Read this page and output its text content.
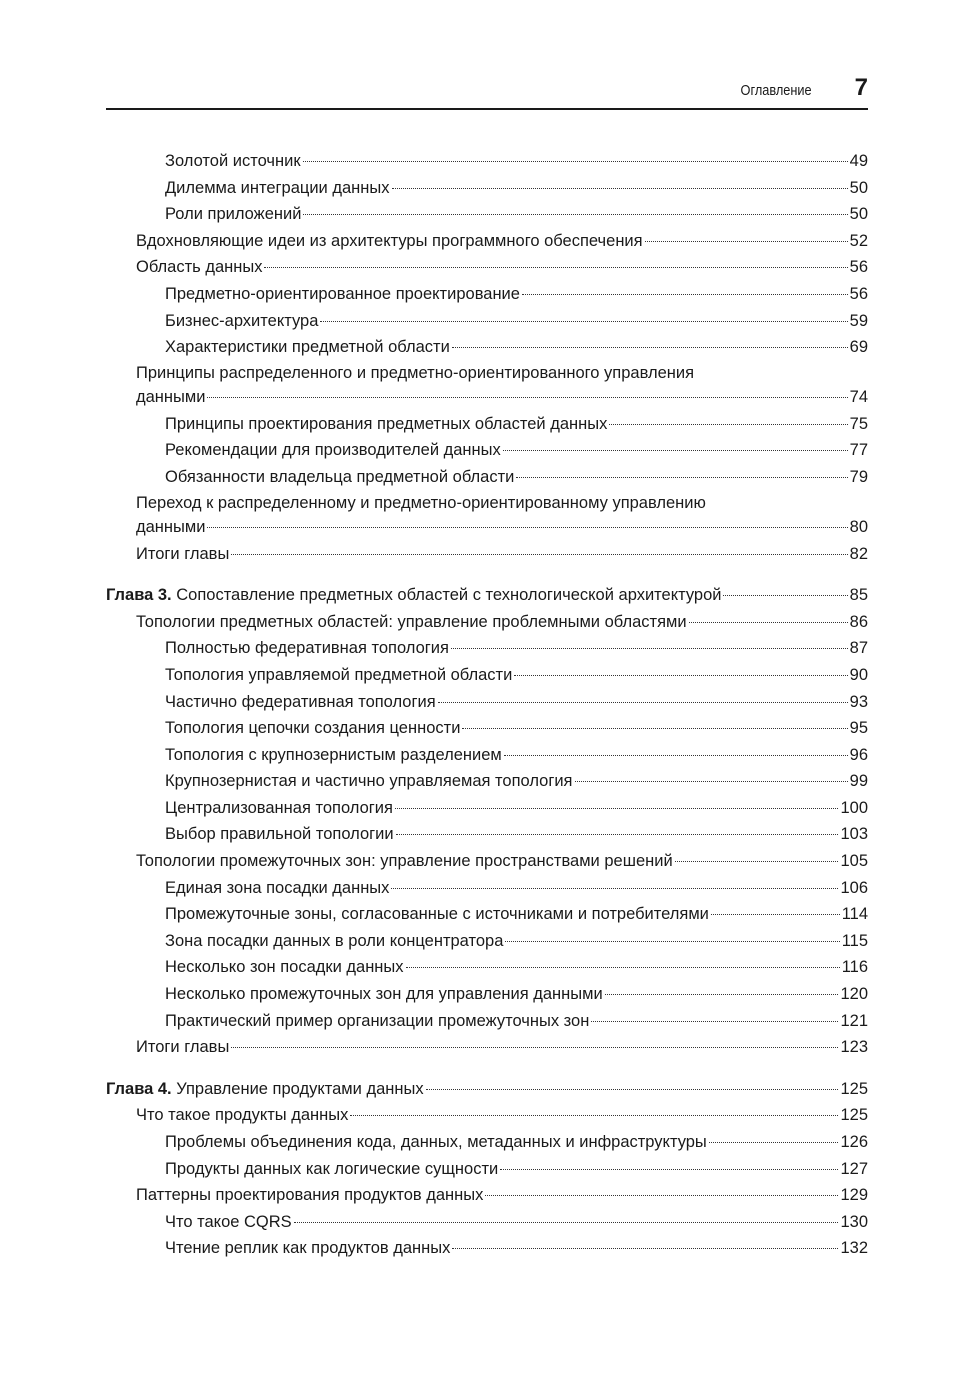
Оглавление 7
Золотой источник	49
Дилемма интеграции данных	50
Роли приложений	50
Вдохновляющие идеи из архитектуры программного обеспечения	52
Область данных	56
Предметно-ориентированное проектирование	56
Бизнес-архитектура	59
Характеристики предметной области	69
Принципы распределенного и предметно-ориентированного управления
данными	74
Принципы проектирования предметных областей данных	75
Рекомендации для производителей данных	77
Обязанности владельца предметной области	79
Переход к распределенному и предметно-ориентированному управлению
данными	80
Итоги главы	82
Глава 3. Сопоставление предметных областей с технологической архитектурой	85
Топологии предметных областей: управление проблемными областями	86
Полностью федеративная топология	87
Топология управляемой предметной области	90
Частично федеративная топология	93
Топология цепочки создания ценности	95
Топология с крупнозернистым разделением	96
Крупнозернистая и частично управляемая топология	99
Централизованная топология	100
Выбор правильной топологии	103
Топологии промежуточных зон: управление пространствами решений	105
Единая зона посадки данных	106
Промежуточные зоны, согласованные с источниками и потребителями	114
Зона посадки данных в роли концентратора	115
Несколько зон посадки данных	116
Несколько промежуточных зон для управления данными	120
Практический пример организации промежуточных зон	121
Итоги главы	123
Глава 4. Управление продуктами данных	125
Что такое продукты данных	125
Проблемы объединения кода, данных, метаданных и инфраструктуры	126
Продукты данных как логические сущности	127
Паттерны проектирования продуктов данных	129
Что такое CQRS	130
Чтение реплик как продуктов данных	132
